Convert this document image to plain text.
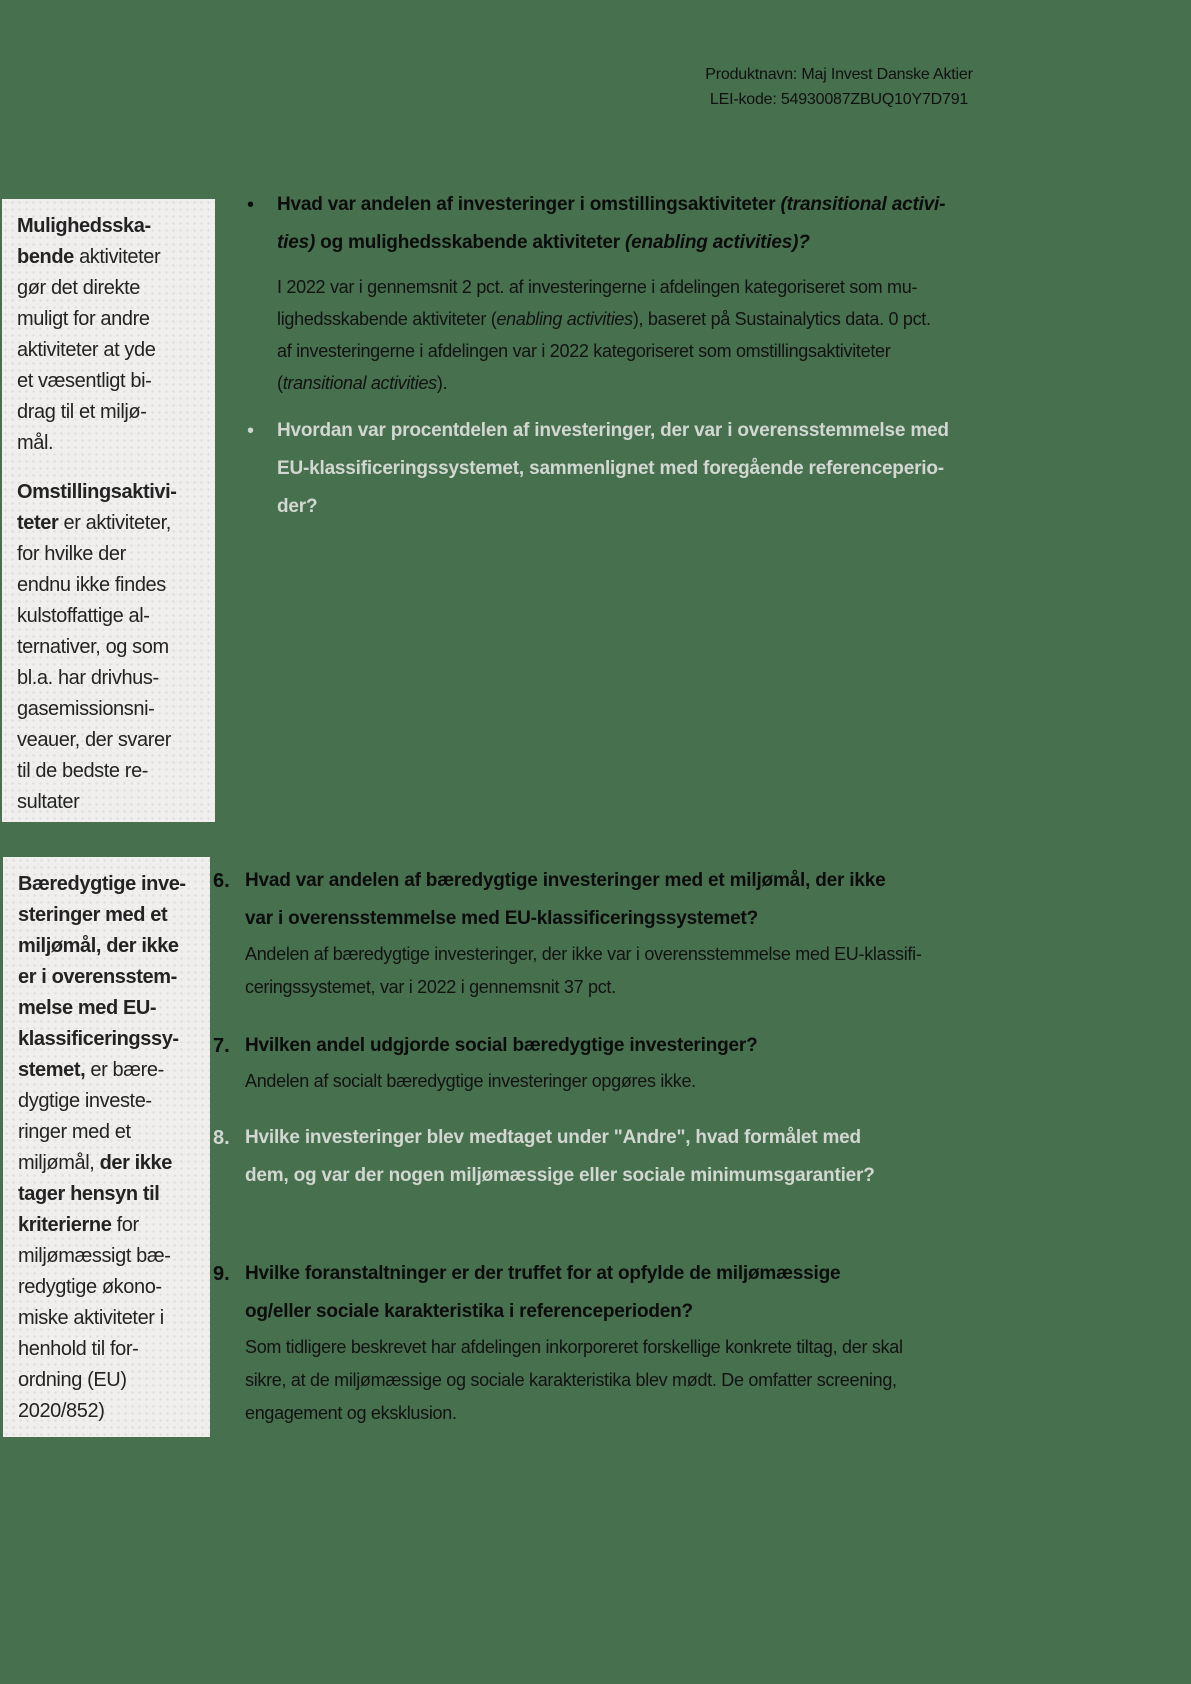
Produktnavn: Maj Invest Danske Aktier
LEI-kode: 54930087ZBUQ10Y7D791
Mulighedsska-
bende aktiviteter
gør det direkte
muligt for andre
aktiviteter at yde
et væsentligt bi-
drag til et miljø-
mål.
Omstillingsaktivi-
teter er aktiviteter,
for hvilke der
endnu ikke findes
kulstoffattige al-
ternativer, og som
bl.a. har drivhus-
gasemissionsni-
veauer, der svarer
til de bedste re-
sultater
Bæredygtige inve-
steringer med et
miljømål, der ikke
er i overensstem-
melse med EU-
klassificeringssy-
stemet, er bære-
dygtige investe-
ringer med et
miljømål, der ikke
tager hensyn til
kriterierne for
miljømæssigt bæ-
redygtige økono-
miske aktiviteter i
henhold til for-
ordning (EU)
2020/852)
• Hvad var andelen af investeringer i omstillingsaktiviteter (transitional activi-
ties) og mulighedsskabende aktiviteter (enabling activities)?
I 2022 var i gennemsnit 2 pct. af investeringerne i afdelingen kategoriseret som mu-
lighedsskabende aktiviteter (enabling activities), baseret på Sustainalytics data. 0 pct.
af investeringerne i afdelingen var i 2022 kategoriseret som omstillingsaktiviteter
(transitional activities).
• Hvordan var procentdelen af investeringer, der var i overensstemmelse med
EU-klassificeringssystemet, sammenlignet med foregående referenceperio-
der?
6. Hvad var andelen af bæredygtige investeringer med et miljømål, der ikke
var i overensstemmelse med EU-klassificeringssystemet?
Andelen af bæredygtige investeringer, der ikke var i overensstemmelse med EU-klassifi-
ceringssystemet, var i 2022 i gennemsnit 37 pct.
7. Hvilken andel udgjorde social bæredygtige investeringer?
Andelen af socialt bæredygtige investeringer opgøres ikke.
8. Hvilke investeringer blev medtaget under "Andre", hvad formålet med
dem, og var der nogen miljømæssige eller sociale minimumsgarantier?
9. Hvilke foranstaltninger er der truffet for at opfylde de miljømæssige
og/eller sociale karakteristika i referenceperioden?
Som tidligere beskrevet har afdelingen inkorporeret forskellige konkrete tiltag, der skal
sikre, at de miljømæssige og sociale karakteristika blev mødt. De omfatter screening,
engagement og eksklusion.
